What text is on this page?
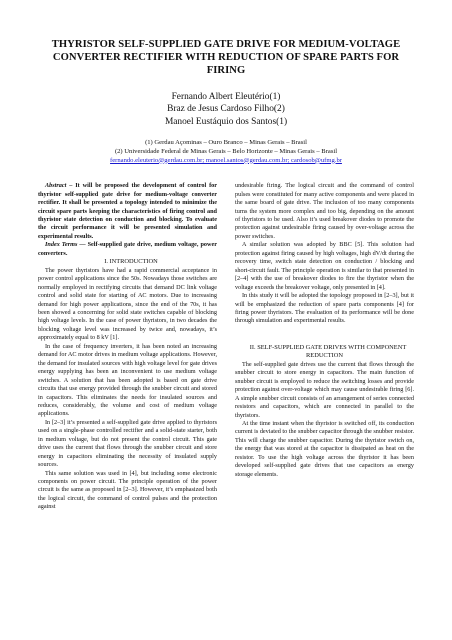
THYRISTOR SELF-SUPPLIED GATE DRIVE FOR MEDIUM-VOLTAGE CONVERTER RECTIFIER WITH REDUCTION OF SPARE PARTS FOR FIRING
Fernando Albert Eleutério(1)
Braz de Jesus Cardoso Filho(2)
Manoel Eustáquio dos Santos(1)
(1) Gerdau Açominas – Ouro Branco – Minas Gerais – Brasil
(2) Universidade Federal de Minas Gerais – Belo Horizonte – Minas Gerais – Brasil
fernando.eleuterio@gerdau.com.br; manoel.santos@gerdau.com.br; cardosob@ufmg.br

Abstract – It will be proposed the development of control for thyristor self-supplied gate drive for medium-voltage converter rectifier. It shall be presented a topology intended to minimize the circuit spare parts keeping the characteristics of firing control and thyristor state detection on conduction and blocking. To evaluate the circuit performance it will be presented simulation and experimental results.

Index Terms — Self-supplied gate drive, medium voltage, power converters.

I. INTRODUCTION

The power thyristors have had a rapid commercial acceptance in power control applications since the 50s. Nowadays those switches are normally employed in rectifying circuits that demand DC link voltage control and solid state for starting of AC motors. Due to increasing demand for high power applications, since the end of the 70s, it has been showed a concerning for solid state switches capable of blocking high voltage levels. In the case of power thyristors, in two decades the blocking voltage level was increased by twice and, nowadays, it’s approximately equal to 8 kV [1].

In the case of frequency inverters, it has been noted an increasing demand for AC motor drives in medium voltage applications. However, the demand for insulated sources with high voltage level for gate drives energy supplying has been an inconvenient to use medium voltage switches. A solution that has been adopted is based on gate drive circuits that use energy provided through the snubber circuit and stored in capacitors. This eliminates the needs for insulated sources and reduces, considerably, the volume and cost of medium voltage applications.

In [2–3] it’s presented a self-supplied gate drive applied to thyristors used on a single-phase controlled rectifier and a solid-state starter, both in medium voltage, but do not present the control circuit. This gate drive uses the current that flows through the snubber circuit and store energy in capacitors eliminating the necessity of insulated supply sources.

This same solution was used in [4], but including some electronic components on power circuit. The principle operation of the power circuit is the same as proposed in [2–3]. However, it’s emphasized both the logical circuit, the command of control pulses and the protection against

undesirable firing. The logical circuit and the command of control pulses were constituted for many active components and were placed in the same board of gate drive. The inclusion of too many components turns the system more complex and too big, depending on the amount of thyristors to be used. Also it’s used breakover diodes to promote the protection against undesirable firing caused by over-voltage across the power switches.

A similar solution was adopted by BBC [5]. This solution had protection against firing caused by high voltages, high dV/dt during the recovery time, switch state detection on conduction / blocking and short-circuit fault. The principle operation is similar to that presented in [2–4] with the use of breakover diodes to fire the thyristor when the voltage exceeds the breakover voltage, only presented in [4].

In this study it will be adopted the topology proposed in [2–3], but it will be emphasized the reduction of spare parts components [4] for firing power thyristors. The evaluation of its performance will be done through simulation and experimental results.

II. SELF-SUPPLIED GATE DRIVES WITH COMPONENT REDUCTION

The self-supplied gate drives use the current that flows through the snubber circuit to store energy in capacitors. The main function of snubber circuit is employed to reduce the switching losses and provide protection against over-voltage which may cause undesirable firing [6]. A simple snubber circuit consists of an arrangement of series connected resistors and capacitors, which are connected in parallel to the thyristors.

At the time instant when the thyristor is switched off, its conduction current is deviated to the snubber capacitor through the snubber resistor. This will charge the snubber capacitor. During the thyristor switch on, the energy that was stored at the capacitor is dissipated as heat on the resistor. To use the high voltage across the thyristor it has been developed self-supplied gate drives that use capacitors as energy storage elements.
